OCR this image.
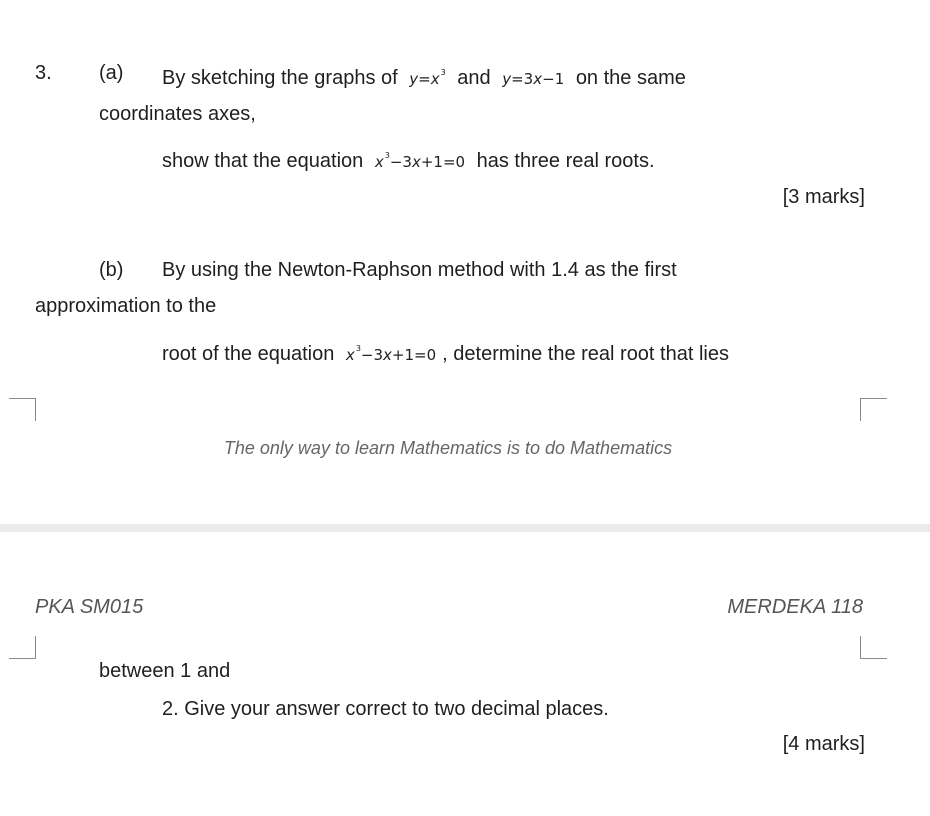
3. (a) By sketching the graphs of $y=x^3$ and y=3x−1 on the same
coordinates axes,
show that the equation $x^3-3x+1=0$ has three real roots.
[3 marks]
(b) By using the Newton-Raphson method with 1.4 as the first
approximation to the
root of the equation $x^3-3x+1=0$ , determine the real root that lies
The only way to learn Mathematics is to do Mathematics
PKA SM015	MERDEKA 118
between 1 and
2. Give your answer correct to two decimal places.
[4 marks]
